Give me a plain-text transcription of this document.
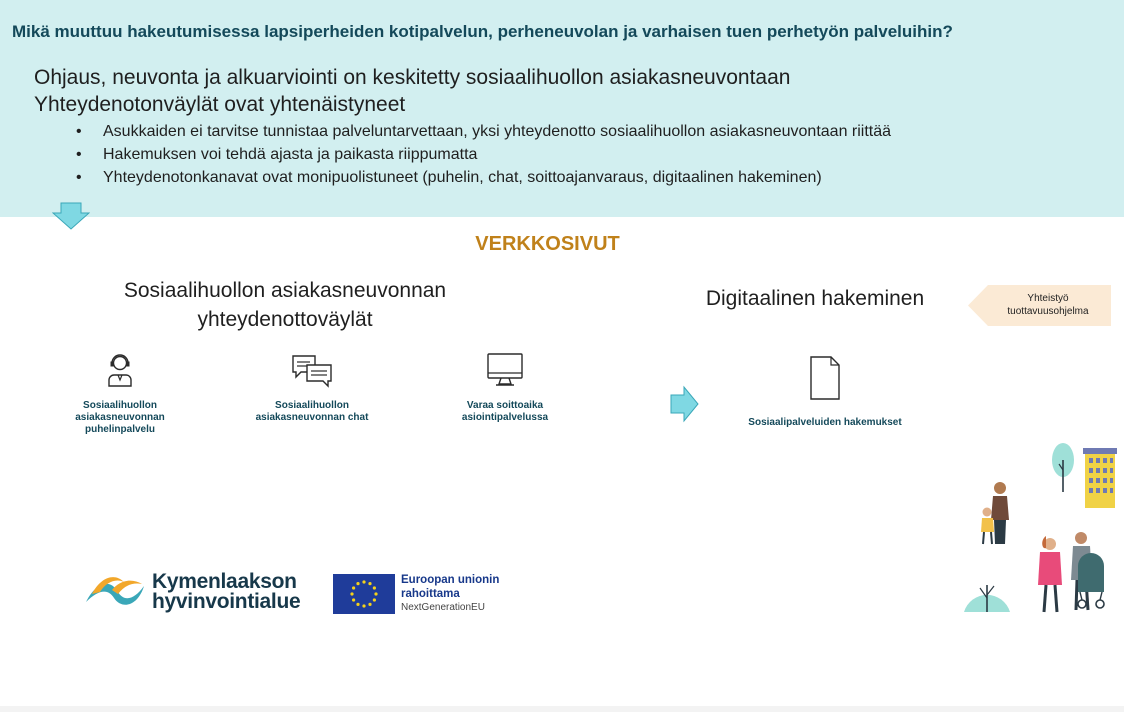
Mikä muuttuu hakeutumisessa lapsiperheiden kotipalvelun, perheneuvolan ja varhaisen tuen perhetyön palveluihin?
Ohjaus, neuvonta ja alkuarviointi on keskitetty sosiaalihuollon asiakasneuvontaan
Yhteydenotonväylät ovat yhtenäistyneet
• Asukkaiden ei tarvitse tunnistaa palveluntarvettaan, yksi yhteydenotto sosiaalihuollon asiakasneuvontaan riittää
• Hakemuksen voi tehdä ajasta ja paikasta riippumatta
• Yhteydenotonkanavat ovat monipuolistuneet (puhelin, chat, soittoajanvaraus, digitaalinen hakeminen)
VERKKOSIVUT
Sosiaalihuollon asiakasneuvonnan yhteydenottoväylät
Digitaalinen hakeminen	Yhteistyö tuottavuusohjelma
Sosiaalihuollon asiakasneuvonnan puhelinpalvelu
Sosiaalihuollon asiakasneuvonnan chat
Varaa soittoaika asiointipalvelussa	Sosiaalipalveluiden hakemukset
Kymenlaakson hyvinvointialue
Euroopan unionin
rahoittama
NextGenerationEU
